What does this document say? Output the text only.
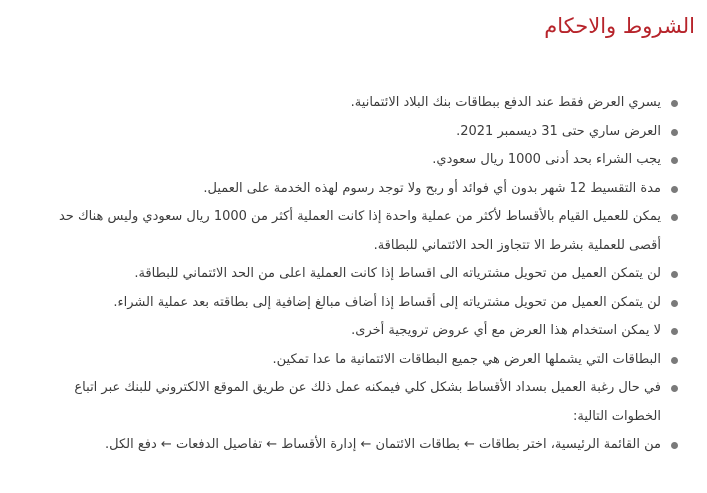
الشروط والاحكام
يسري العرض فقط عند الدفع ببطاقات بنك البلاد الائتمانية.
العرض ساري حتى 31 ديسمبر 2021.
يجب الشراء بحد أدنى 1000 ريال سعودي.
مدة التقسيط 12 شهر بدون أي فوائد أو ربح ولا توجد رسوم لهذه الخدمة على العميل.
يمكن للعميل القيام بالأقساط لأكثر من عملية واحدة إذا كانت العملية أكثر من 1000 ريال سعودي وليس هناك حد أقصى للعملية بشرط الا تتجاوز الحد الائتماني للبطاقة.
لن يتمكن العميل من تحويل مشترياته الى اقساط إذا كانت العملية اعلى من الحد الائتماني للبطاقة.
لن يتمكن العميل من تحويل مشترياته إلى أقساط إذا أضاف مبالغ إضافية إلى بطاقته بعد عملية الشراء.
لا يمكن استخدام هذا العرض مع أي عروض ترويجية أخرى.
البطاقات التي يشملها العرض هي جميع البطاقات الائتمانية ما عدا تمكين.
في حال رغبة العميل بسداد الأقساط بشكل كلي فيمكنه عمل ذلك عن طريق الموقع الالكتروني للبنك عبر اتباع الخطوات التالية:
من القائمة الرئيسية، اختر بطاقات ← بطاقات الائتمان ← إدارة الأقساط ← تفاصيل الدفعات ← دفع الكل.
